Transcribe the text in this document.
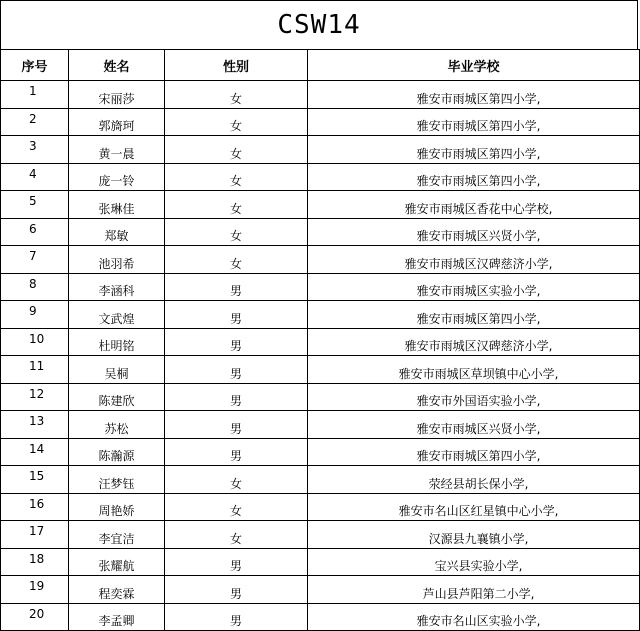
CSW14
序号	姓名	性别	毕业学校
1	宋丽莎	女	雅安市雨城区第四小学,
2	郭旖珂	女	雅安市雨城区第四小学,
3	黄一晨	女	雅安市雨城区第四小学,
4	庞一铃	女	雅安市雨城区第四小学,
5	张琳佳	女	雅安市雨城区香花中心学校,
6	郑敏	女	雅安市雨城区兴贤小学,
7	池羽希	女	雅安市雨城区汉碑慈济小学,
8	李涵科	男	雅安市雨城区实验小学,
9	文武煌	男	雅安市雨城区第四小学,
10	杜明铭	男	雅安市雨城区汉碑慈济小学,
11	吴桐	男	雅安市雨城区草坝镇中心小学,
12	陈建欣	男	雅安市外国语实验小学,
13	苏松	男	雅安市雨城区兴贤小学,
14	陈瀚源	男	雅安市雨城区第四小学,
15	汪梦钰	女	荥经县胡长保小学,
16	周艳娇	女	雅安市名山区红星镇中心小学,
17	李宜洁	女	汉源县九襄镇小学,
18	张耀航	男	宝兴县实验小学,
19	程奕霖	男	芦山县芦阳第二小学,
20	李孟卿	男	雅安市名山区实验小学,
